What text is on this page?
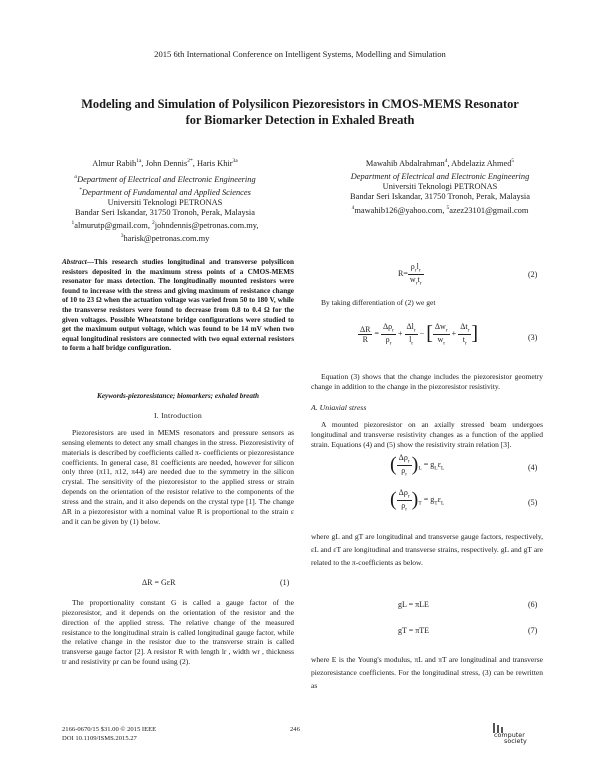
2015 6th International Conference on Intelligent Systems, Modelling and Simulation
Modeling and Simulation of Polysilicon Piezoresistors in CMOS-MEMS Resonator
for Biomarker Detection in Exhaled Breath
Almur Rabih$^{1a}$, John Dennis$^{2*}$, Haris Khir$^{3a}$
$^a$Department of Electrical and Electronic Engineering
*Department of Fundamental and Applied Sciences
Universiti Teknologi PETRONAS
Bandar Seri Iskandar, 31750 Tronoh, Perak, Malaysia
$^1$almurutp@gmail.com, $^2$johndennis@petronas.com.my,
$^3$harisk@petronas.com.my
Mawahib Abdalrahman$^4$, Abdelaziz Ahmed$^5$
Department of Electrical and Electronic Engineering
Universiti Teknologi PETRONAS
Bandar Seri Iskandar, 31750 Tronoh, Perak, Malaysia
$^4$mawahib126@yahoo.com, $^5$azez23101@gmail.com
Abstract—This research studies longitudinal and transverse polysilicon resistors deposited in the maximum stress points of a CMOS-MEMS resonator for mass detection. The longitudinally mounted resistors were found to increase with the stress and giving maximum of resistance change of 10 to 23 Ω when the actuation voltage was varied from 50 to 180 V, while the transverse resistors were found to decrease from 0.8 to 0.4 Ω for the given voltages. Possible Wheatstone bridge configurations were studied to get the maximum output voltage, which was found to be 14 mV when two equal longitudinal resistors are connected with two equal external resistors to form a half bridge configuration.
Keywords-piezoresistance; biomarkers; exhaled breath
I. Introduction
Piezoresistors are used in MEMS resonators and pressure sensors as sensing elements to detect any small changes in the stress. Piezoresistivity of materials is described by coefficients called π- coefficients or piezoresistance coefficients. In general case, 81 coefficients are needed, however for silicon only three (π11, π12, π44) are needed due to the symmetry in the silicon crystal. The sensitivity of the piezoresistor to the applied stress or strain depends on the orientation of the resistor relative to the components of the stress and the strain, and it also depends on the crystal type [1]. The change ΔR in a piezoresistor with a nominal value R is proportional to the strain ε and it can be given by (1) below.
ΔR = GεR	(1)
The proportionality constant G is called a gauge factor of the piezoresistor, and it depends on the orientation of the resistor and the direction of the applied stress. The relative change of the measured resistance to the longitudinal strain is called longitudinal gauge factor, while the relative change in the resistor due to the transverse strain is called transverse gauge factor [2]. A resistor R with length lr , width wr , thickness tr and resistivity ρr can be found using (2).
$R= \frac{\rho_rl_r}{w_rt_r}$	(2)
By taking differentiation of (2) we get
$\frac{\Delta R}{R} = \frac{\Delta\rho_r}{\rho_r} + \frac{\Delta l_r}{l_r}$ − [ $\frac{\Delta w_r}{w_r} + \frac{\Delta t_r}{t_r}$ ]	(3)
Equation (3) shows that the change includes the piezoresistor geometry change in addition to the change in the piezoresistor resistivity.
A. Uniaxial stress
A mounted piezoresistor on an axially stressed beam undergoes longitudinal and transverse resistivity changes as a function of the applied strain. Equations (4) and (5) show the resistivity strain relation [3].
( $\frac{\Delta\rho_r}{\rho_r} )_L = g_L\varepsilon_L$	(4)
( $\frac{\Delta\rho_r}{\rho_r} )_T = g_T\varepsilon_L$	(5)
where gL and gT are longitudinal and transverse gauge factors, respectively, εL and εT are longitudinal and transverse strains, respectively. gL and gT are related to the π-coefficients as below.
gL = πLE	(6)
gT = πTE	(7)
where E is the Young's modulus, πL and πT are longitudinal and transverse piezoresistance coefficients. For the longitudinal stress, (3) can be rewritten as
2166-0670/15 $31.00 © 2015 IEEE
DOI 10.1109/ISMS.2015.27
246
computer
society
